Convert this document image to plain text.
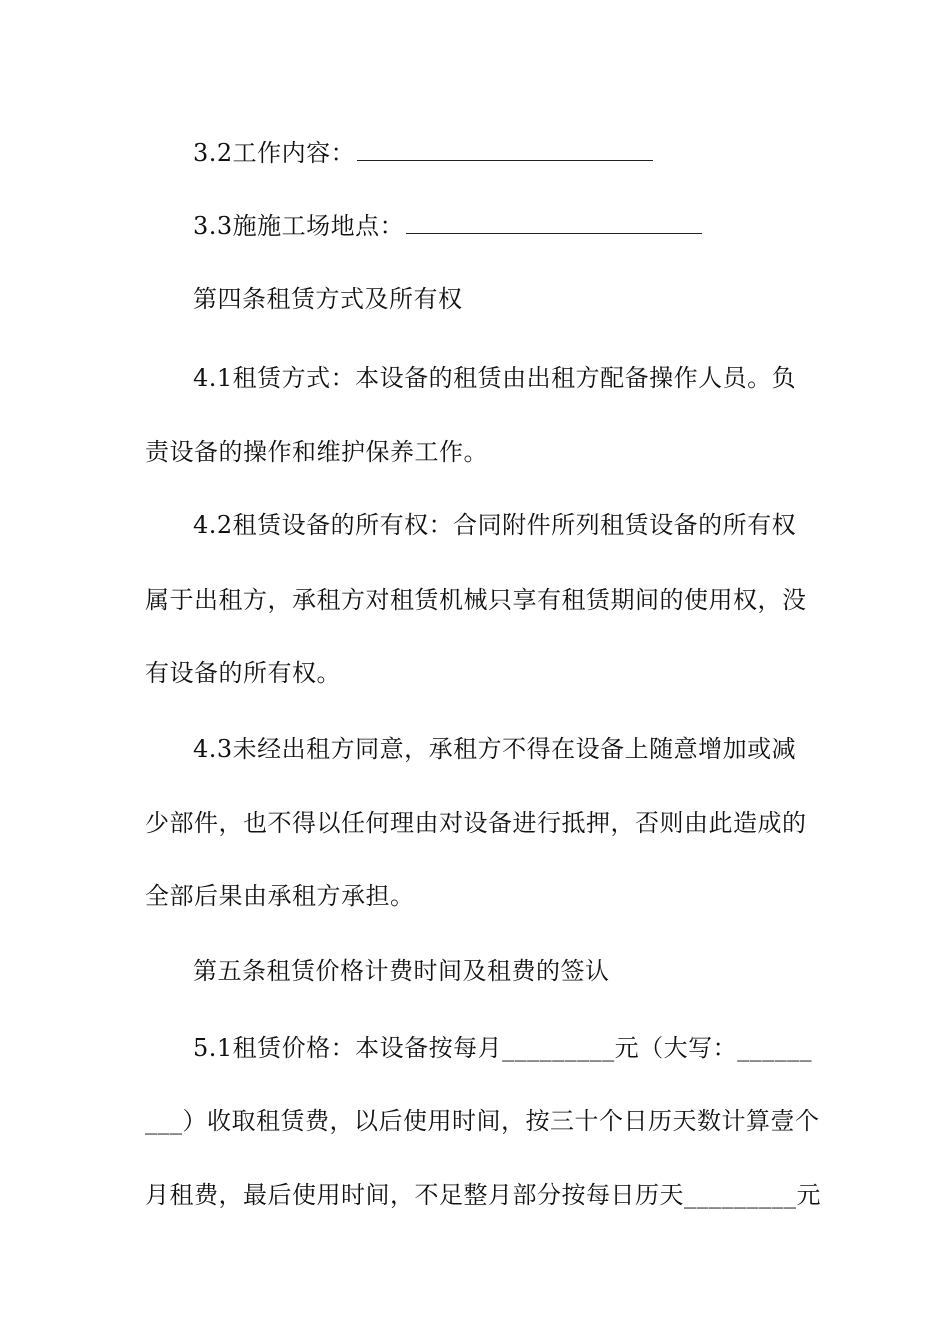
3.2工作内容：
3.3施施工场地点：
第四条租赁方式及所有权
4.1租赁方式：本设备的租赁由出租方配备操作人员。负
责设备的操作和维护保养工作。
4.2租赁设备的所有权：合同附件所列租赁设备的所有权
属于出租方，承租方对租赁机械只享有租赁期间的使用权，没
有设备的所有权。
4.3未经出租方同意，承租方不得在设备上随意增加或减
少部件，也不得以任何理由对设备进行抵押，否则由此造成的
全部后果由承租方承担。
第五条租赁价格计费时间及租费的签认
5.1租赁价格：本设备按每月_________元（大写：______
___）收取租赁费，以后使用时间，按三十个日历天数计算壹个
月租费，最后使用时间，不足整月部分按每日历天_________元
